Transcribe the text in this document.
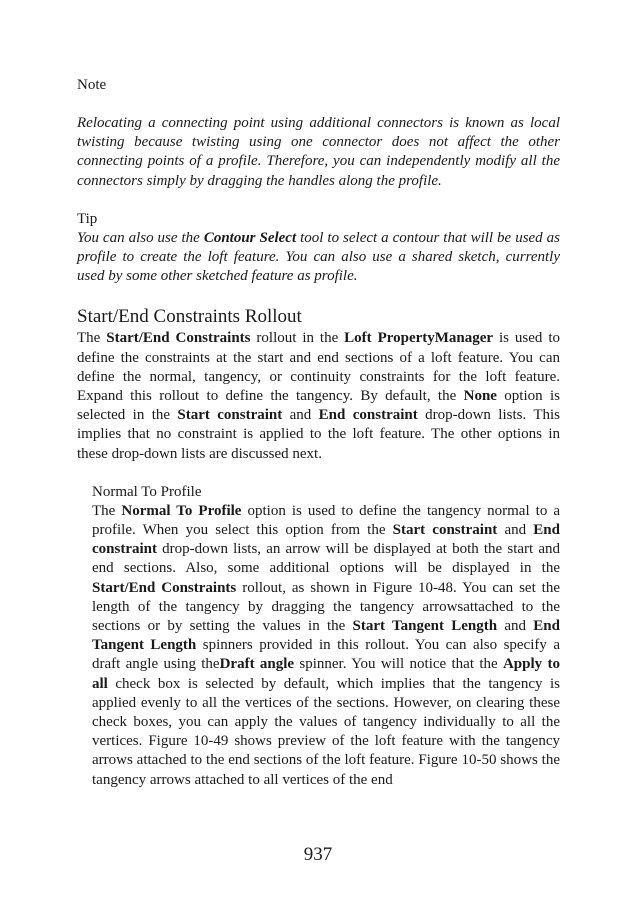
Note

Relocating a connecting point using additional connectors is known as local twisting because twisting using one connector does not affect the other connecting points of a profile. Therefore, you can independently modify all the connectors simply by dragging the handles along the profile.

Tip

You can also use the Contour Select tool to select a contour that will be used as profile to create the loft feature. You can also use a shared sketch, currently used by some other sketched feature as profile.

Start/End Constraints Rollout

The Start/End Constraints rollout in the Loft PropertyManager is used to define the constraints at the start and end sections of a loft feature. You can define the normal, tangency, or continuity constraints for the loft feature. Expand this rollout to define the tangency. By default, the None option is selected in the Start constraint and End constraint drop-down lists. This implies that no constraint is applied to the loft feature. The other options in these drop-down lists are discussed next.

Normal To Profile

The Normal To Profile option is used to define the tangency normal to a profile. When you select this option from the Start constraint and End constraint drop-down lists, an arrow will be displayed at both the start and end sections. Also, some additional options will be displayed in the Start/End Constraints rollout, as shown in Figure 10-48. You can set the length of the tangency by dragging the tangency arrowsattached to the sections or by setting the values in the Start Tangent Length and End Tangent Length spinners provided in this rollout. You can also specify a draft angle using theDraft angle spinner. You will notice that the Apply to all check box is selected by default, which implies that the tangency is applied evenly to all the vertices of the sections. However, on clearing these check boxes, you can apply the values of tangency individually to all the vertices. Figure 10-49 shows preview of the loft feature with the tangency arrows attached to the end sections of the loft feature. Figure 10-50 shows the tangency arrows attached to all vertices of the end

937
